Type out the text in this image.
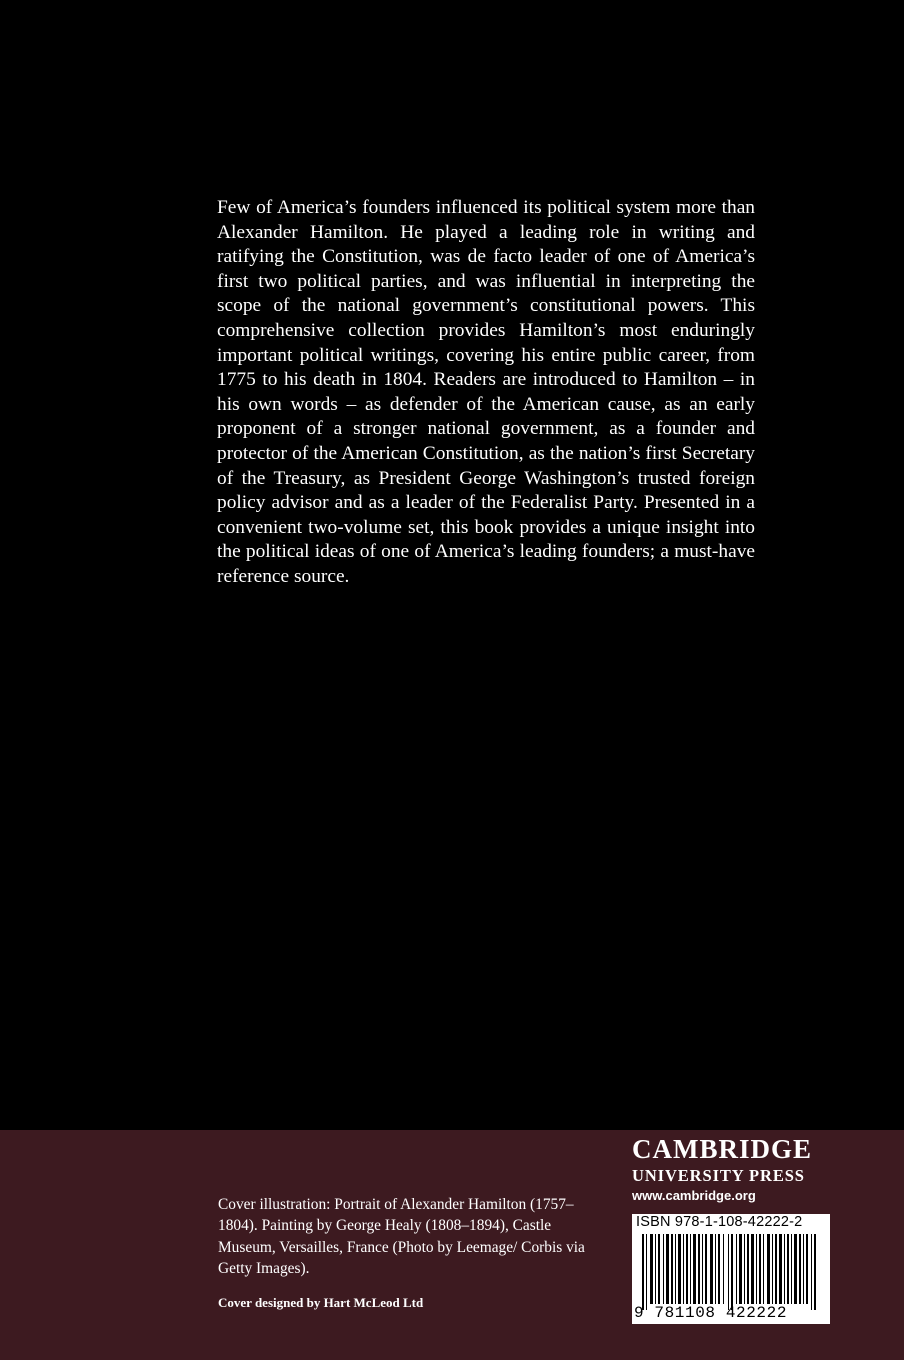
Few of America’s founders influenced its political system more than Alexander Hamilton. He played a leading role in writing and ratifying the Constitution, was de facto leader of one of America’s first two political parties, and was influential in interpreting the scope of the national government’s constitutional powers. This comprehensive collection provides Hamilton’s most enduringly important political writings, covering his entire public career, from 1775 to his death in 1804. Readers are introduced to Hamilton – in his own words – as defender of the American cause, as an early proponent of a stronger national government, as a founder and protector of the American Constitution, as the nation’s first Secretary of the Treasury, as President George Washington’s trusted foreign policy advisor and as a leader of the Federalist Party. Presented in a convenient two-volume set, this book provides a unique insight into the political ideas of one of America’s leading founders; a must-have reference source.

Cover illustration: Portrait of Alexander Hamilton (1757–1804). Painting by George Healy (1808–1894), Castle Museum, Versailles, France (Photo by Leemage/ Corbis via Getty Images).

Cover designed by Hart McLeod Ltd
CAMBRIDGE
UNIVERSITY PRESS
www.cambridge.org
ISBN 978-1-108-42222-2
9 781108 422222
